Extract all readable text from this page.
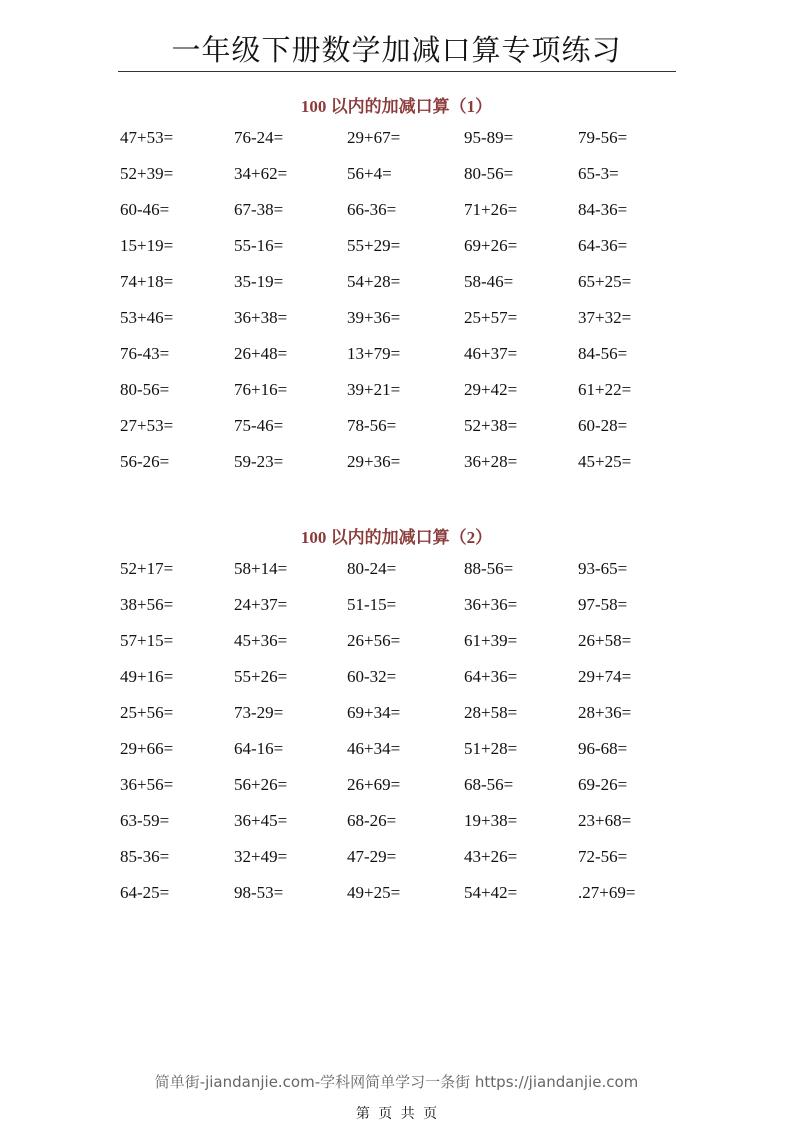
一年级下册数学加减口算专项练习
100 以内的加减口算（1）
47+53=	76-24=	29+67=	95-89=	79-56=
52+39=	34+62=	56+4=	80-56=	65-3=
60-46=	67-38=	66-36=	71+26=	84-36=
15+19=	55-16=	55+29=	69+26=	64-36=
74+18=	35-19=	54+28=	58-46=	65+25=
53+46=	36+38=	39+36=	25+57=	37+32=
76-43=	26+48=	13+79=	46+37=	84-56=
80-56=	76+16=	39+21=	29+42=	61+22=
27+53=	75-46=	78-56=	52+38=	60-28=
56-26=	59-23=	29+36=	36+28=	45+25=
100 以内的加减口算（2）
52+17=	58+14=	80-24=	88-56=	93-65=
38+56=	24+37=	51-15=	36+36=	97-58=
57+15=	45+36=	26+56=	61+39=	26+58=
49+16=	55+26=	60-32=	64+36=	29+74=
25+56=	73-29=	69+34=	28+58=	28+36=
29+66=	64-16=	46+34=	51+28=	96-68=
36+56=	56+26=	26+69=	68-56=	69-26=
63-59=	36+45=	68-26=	19+38=	23+68=
85-36=	32+49=	47-29=	43+26=	72-56=
64-25=	98-53=	49+25=	54+42=	.27+69=
简单街-jiandanjie.com-学科网简单学习一条街 https://jiandanjie.com
第 页 共 页
